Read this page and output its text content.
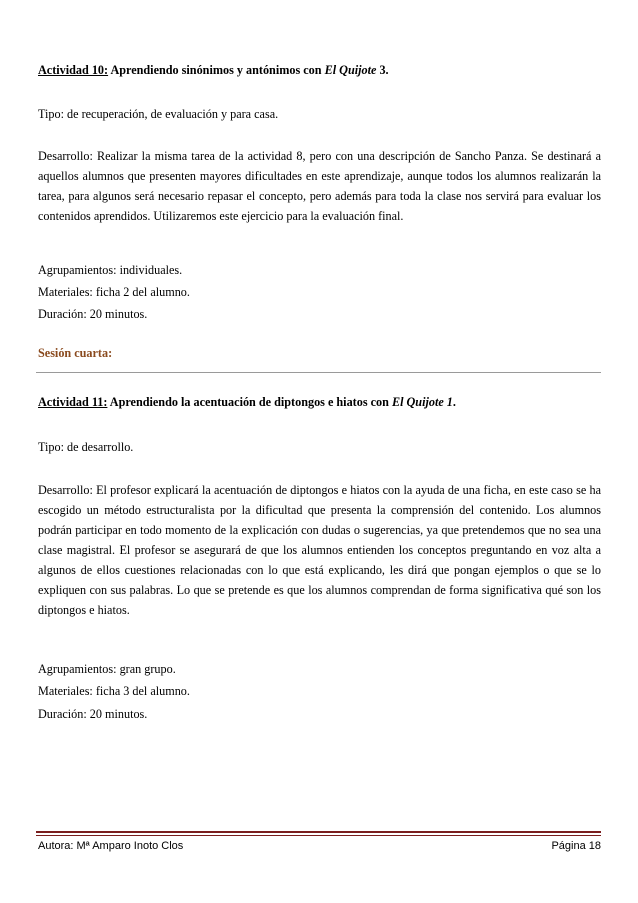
Actividad 10: Aprendiendo sinónimos y antónimos con El Quijote 3.
Tipo: de recuperación, de evaluación y para casa.
Desarrollo: Realizar la misma tarea de la actividad 8, pero con una descripción de Sancho Panza. Se destinará a aquellos alumnos que presenten mayores dificultades en este aprendizaje, aunque todos los alumnos realizarán la tarea, para algunos será necesario repasar el concepto, pero además para toda la clase nos servirá para evaluar los contenidos aprendidos. Utilizaremos este ejercicio para la evaluación final.
Agrupamientos: individuales.
Materiales: ficha 2 del alumno.
Duración: 20 minutos.
Sesión cuarta:
Actividad 11: Aprendiendo la acentuación de diptongos e hiatos con El Quijote 1.
Tipo: de desarrollo.
Desarrollo: El profesor explicará la acentuación de diptongos e hiatos con la ayuda de una ficha, en este caso se ha escogido un método estructuralista por la dificultad que presenta la comprensión del contenido. Los alumnos podrán participar en todo momento de la explicación con dudas o sugerencias, ya que pretendemos que no sea una clase magistral. El profesor se asegurará de que los alumnos entienden los conceptos preguntando en voz alta a algunos de ellos cuestiones relacionadas con lo que está explicando, les dirá que pongan ejemplos o que se lo expliquen con sus palabras. Lo que se pretende es que los alumnos comprendan de forma significativa qué son los diptongos e hiatos.
Agrupamientos: gran grupo.
Materiales: ficha 3 del alumno.
Duración: 20 minutos.
Autora: Mª Amparo Inoto Clos	Página 18
